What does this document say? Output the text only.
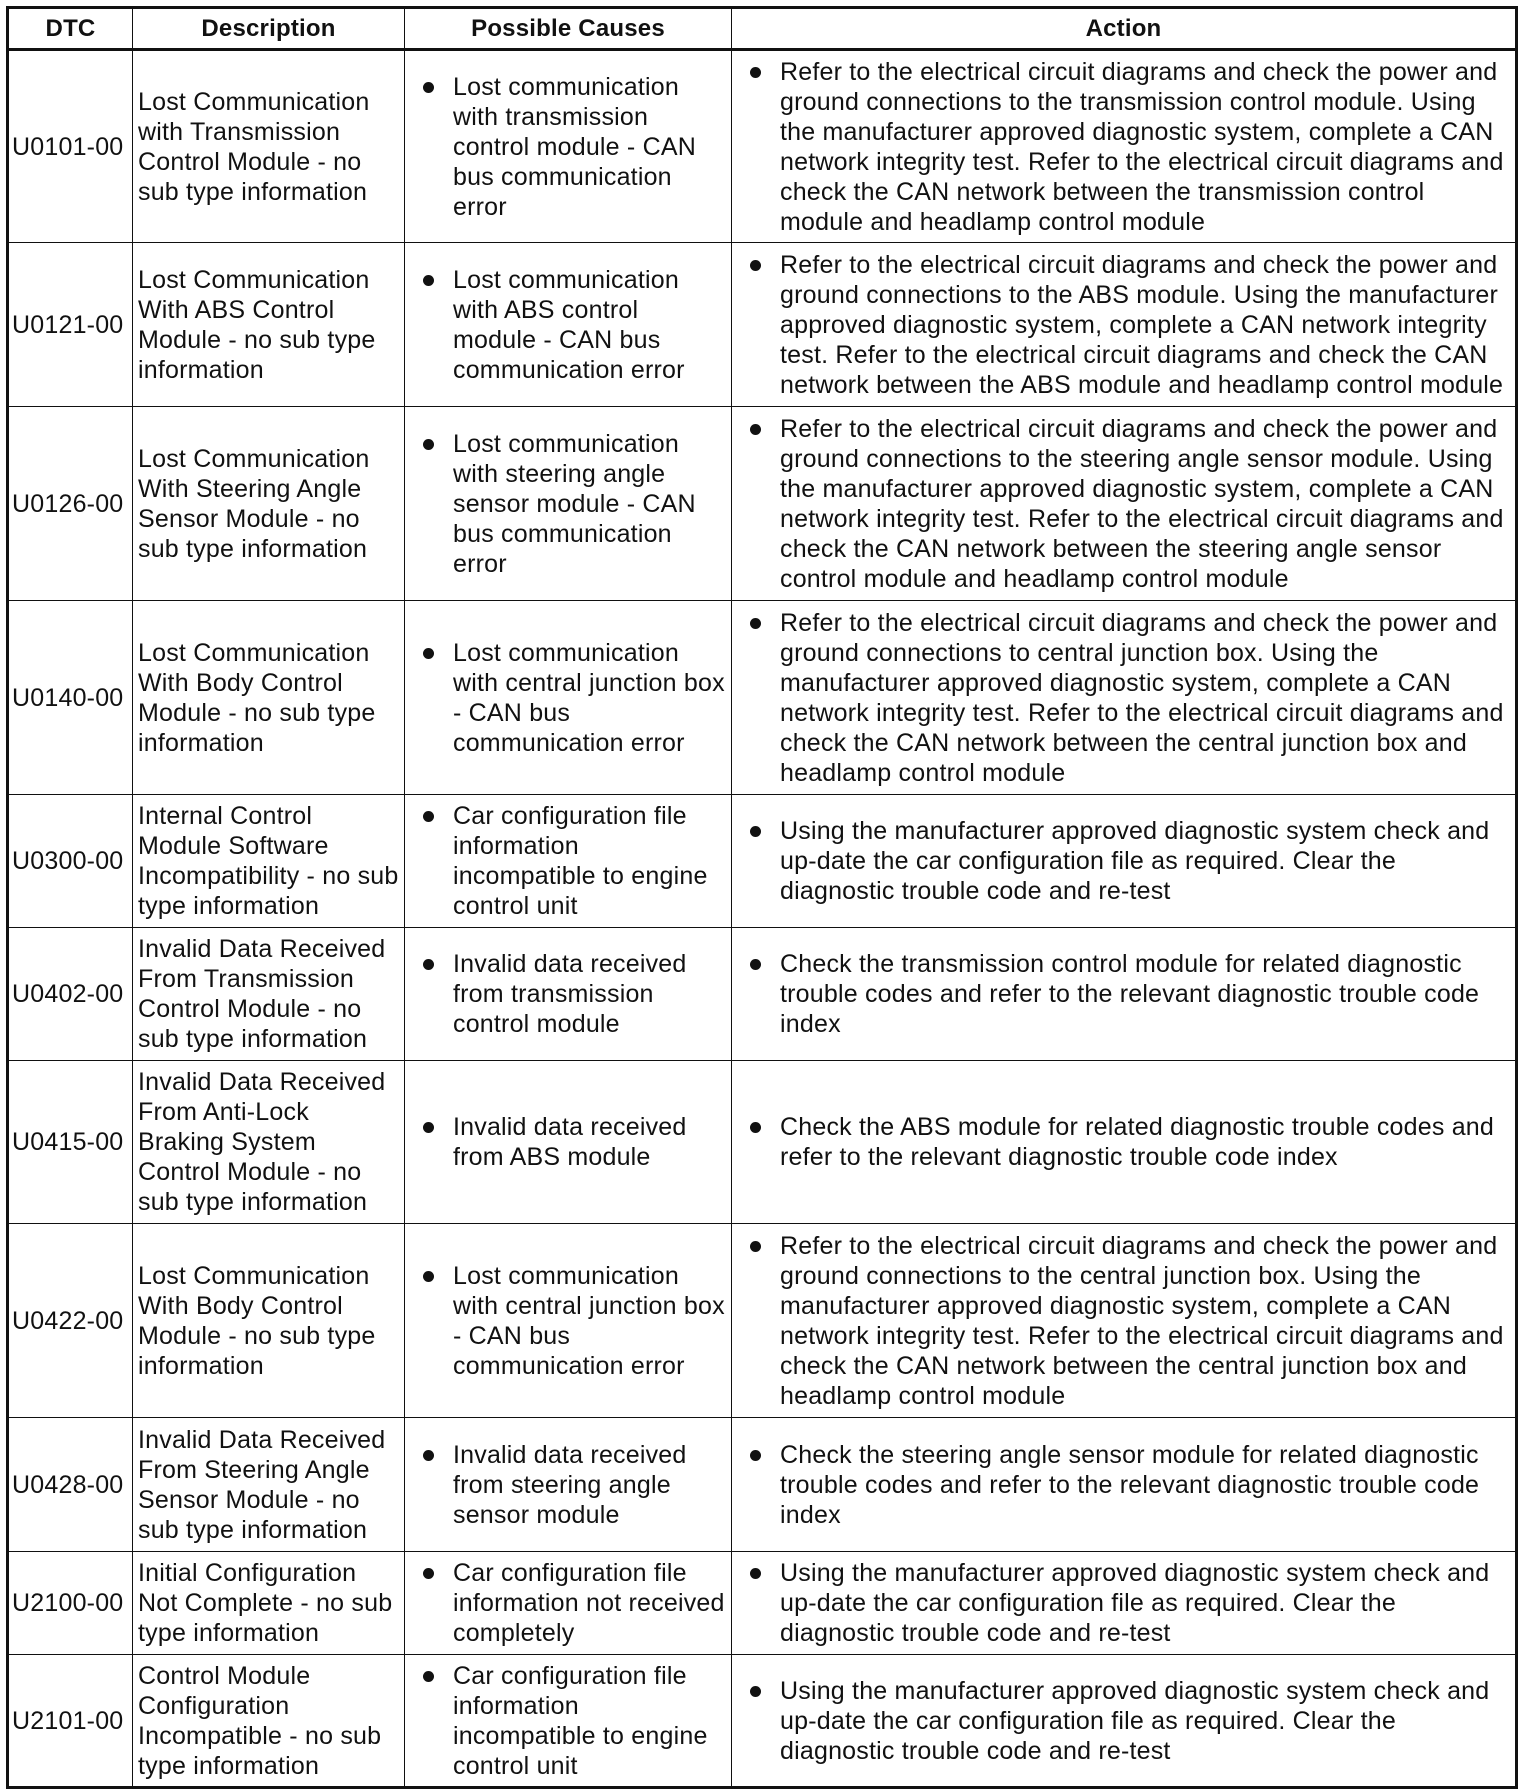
DTC	Description	Possible Causes	Action
U0101-00	Lost Communication with Transmission Control Module - no sub type information	Lost communication with transmission control module - CAN bus communication error	Refer to the electrical circuit diagrams and check the power and ground connections to the transmission control module. Using the manufacturer approved diagnostic system, complete a CAN network integrity test. Refer to the electrical circuit diagrams and check the CAN network between the transmission control module and headlamp control module

U0121-00	Lost Communication With ABS Control Module - no sub type information	Lost communication with ABS control module - CAN bus communication error	Refer to the electrical circuit diagrams and check the power and ground connections to the ABS module. Using the manufacturer approved diagnostic system, complete a CAN network integrity test. Refer to the electrical circuit diagrams and check the CAN network between the ABS module and headlamp control module

U0126-00	Lost Communication With Steering Angle Sensor Module - no sub type information	Lost communication with steering angle sensor module - CAN bus communication error	Refer to the electrical circuit diagrams and check the power and ground connections to the steering angle sensor module. Using the manufacturer approved diagnostic system, complete a CAN network integrity test. Refer to the electrical circuit diagrams and check the CAN network between the steering angle sensor control module and headlamp control module

U0140-00	Lost Communication With Body Control Module - no sub type information	Lost communication with central junction box - CAN bus communication error	Refer to the electrical circuit diagrams and check the power and ground connections to central junction box. Using the manufacturer approved diagnostic system, complete a CAN network integrity test. Refer to the electrical circuit diagrams and check the CAN network between the central junction box and headlamp control module

U0300-00	Internal Control Module Software Incompatibility - no sub type information	Car configuration file information incompatible to engine control unit	Using the manufacturer approved diagnostic system check and up-date the car configuration file as required. Clear the diagnostic trouble code and re-test

U0402-00	Invalid Data Received From Transmission Control Module - no sub type information	Invalid data received from transmission control module	Check the transmission control module for related diagnostic trouble codes and refer to the relevant diagnostic trouble code index

U0415-00	Invalid Data Received From Anti-Lock Braking System Control Module - no sub type information	Invalid data received from ABS module	Check the ABS module for related diagnostic trouble codes and refer to the relevant diagnostic trouble code index

U0422-00	Lost Communication With Body Control Module - no sub type information	Lost communication with central junction box - CAN bus communication error	Refer to the electrical circuit diagrams and check the power and ground connections to the central junction box. Using the manufacturer approved diagnostic system, complete a CAN network integrity test. Refer to the electrical circuit diagrams and check the CAN network between the central junction box and headlamp control module

U0428-00	Invalid Data Received From Steering Angle Sensor Module - no sub type information	Invalid data received from steering angle sensor module	Check the steering angle sensor module for related diagnostic trouble codes and refer to the relevant diagnostic trouble code index

U2100-00	Initial Configuration Not Complete - no sub type information	Car configuration file information not received completely	Using the manufacturer approved diagnostic system check and up-date the car configuration file as required. Clear the diagnostic trouble code and re-test

U2101-00	Control Module Configuration Incompatible - no sub type information	Car configuration file information incompatible to engine control unit	Using the manufacturer approved diagnostic system check and up-date the car configuration file as required. Clear the diagnostic trouble code and re-test
